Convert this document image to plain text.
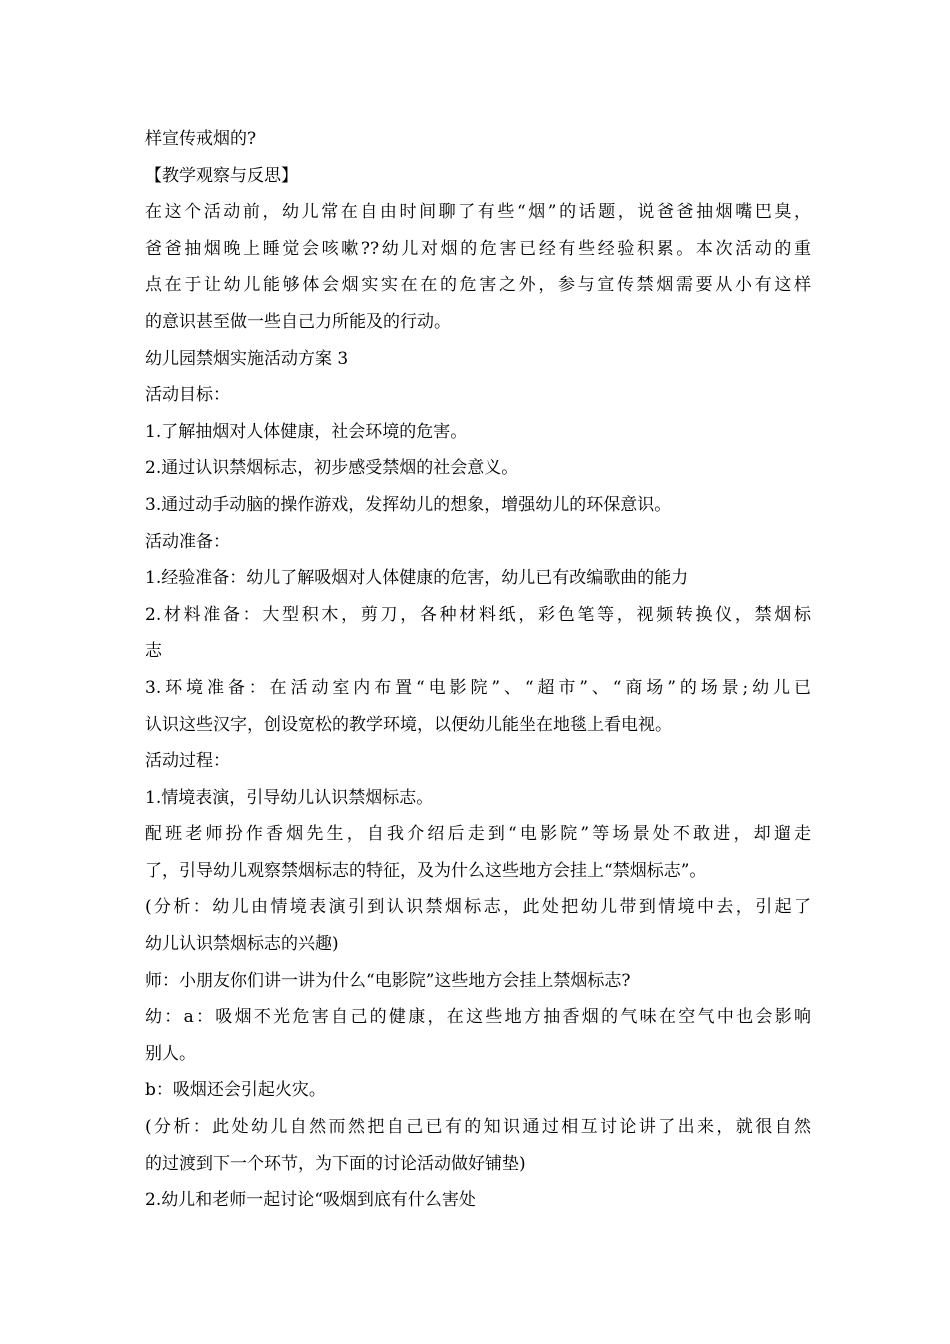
样宣传戒烟的?
【教学观察与反思】
在这个活动前，幼儿常在自由时间聊了有些“烟”的话题，说爸爸抽烟嘴巴臭，
爸爸抽烟晚上睡觉会咳嗽??幼儿对烟的危害已经有些经验积累。本次活动的重
点在于让幼儿能够体会烟实实在在的危害之外，参与宣传禁烟需要从小有这样
的意识甚至做一些自己力所能及的行动。
幼儿园禁烟实施活动方案 3
活动目标：
1.了解抽烟对人体健康，社会环境的危害。
2.通过认识禁烟标志，初步感受禁烟的社会意义。
3.通过动手动脑的操作游戏，发挥幼儿的想象，增强幼儿的环保意识。
活动准备：
1.经验准备：幼儿了解吸烟对人体健康的危害，幼儿已有改编歌曲的能力
2.材料准备：大型积木，剪刀，各种材料纸，彩色笔等，视频转换仪，禁烟标
志
3.环境准备：在活动室内布置“电影院”、“超市”、“商场”的场景;幼儿已
认识这些汉字，创设宽松的教学环境，以便幼儿能坐在地毯上看电视。
活动过程：
1.情境表演，引导幼儿认识禁烟标志。
配班老师扮作香烟先生，自我介绍后走到“电影院”等场景处不敢进，却遛走
了，引导幼儿观察禁烟标志的特征，及为什么这些地方会挂上“禁烟标志”。
(分析：幼儿由情境表演引到认识禁烟标志，此处把幼儿带到情境中去，引起了
幼儿认识禁烟标志的兴趣)
师：小朋友你们讲一讲为什么“电影院”这些地方会挂上禁烟标志?
幼：a：吸烟不光危害自己的健康，在这些地方抽香烟的气味在空气中也会影响
别人。
b：吸烟还会引起火灾。
(分析：此处幼儿自然而然把自己已有的知识通过相互讨论讲了出来，就很自然
的过渡到下一个环节，为下面的讨论活动做好铺垫)
2.幼儿和老师一起讨论“吸烟到底有什么害处
